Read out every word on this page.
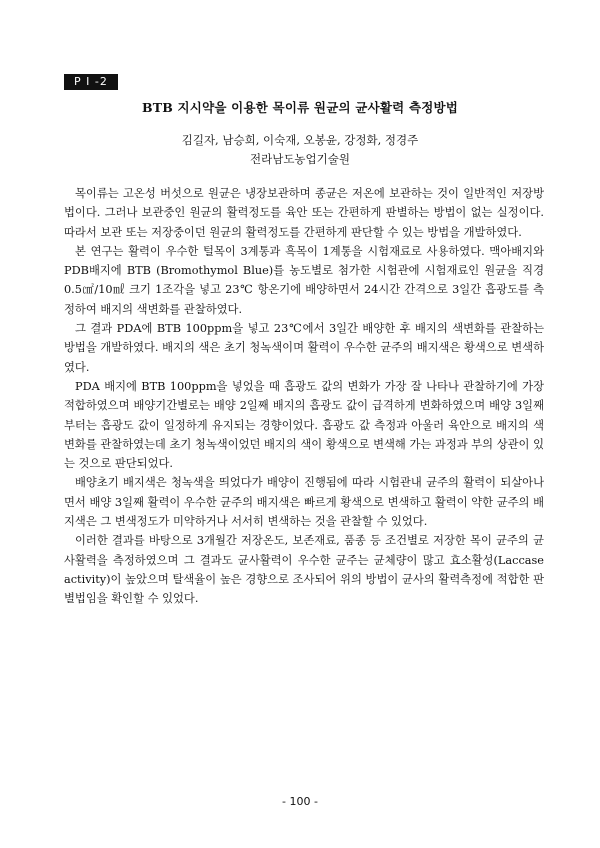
P I -2
BTB 지시약을 이용한 목이류 원균의 균사활력 측정방법
김길자, 남승희, 이숙재, 오봉윤, 강정화, 정경주
전라남도농업기술원

목이류는 고온성 버섯으로 원균은 냉장보관하며 종균은 저온에 보관하는 것이 일반적인 저장방법이다. 그러나 보관중인 원균의 활력정도를 육안 또는 간편하게 판별하는 방법이 없는 실정이다. 따라서 보관 또는 저장중이던 원균의 활력정도를 간편하게 판단할 수 있는 방법을 개발하였다.

본 연구는 활력이 우수한 털목이 3계통과 흑목이 1계통을 시험재료로 사용하였다. 맥아배지와 PDB배지에 BTB (Bromothymol Blue)를 농도별로 첨가한 시험관에 시험재료인 원균을 직경 0.5㎠/10㎖ 크기 1조각을 넣고 23℃ 항온기에 배양하면서 24시간 간격으로 3일간 흡광도를 측정하여 배지의 색변화를 관찰하였다.

그 결과 PDA에 BTB 100ppm을 넣고 23℃에서 3일간 배양한 후 배지의 색변화를 관찰하는 방법을 개발하였다. 배지의 색은 초기 청녹색이며 활력이 우수한 균주의 배지색은 황색으로 변색하였다.

PDA 배지에 BTB 100ppm을 넣었을 때 흡광도 값의 변화가 가장 잘 나타나 관찰하기에 가장 적합하였으며 배양기간별로는 배양 2일째 배지의 흡광도 값이 급격하게 변화하였으며 배양 3일째부터는 흡광도 값이 일정하게 유지되는 경향이었다. 흡광도 값 측정과 아울러 육안으로 배지의 색변화를 관찰하였는데 초기 청녹색이었던 배지의 색이 황색으로 변색해 가는 과정과 부의 상관이 있는 것으로 판단되었다.

배양초기 배지색은 청녹색을 띄었다가 배양이 진행됨에 따라 시험관내 균주의 활력이 되살아나면서 배양 3일째 활력이 우수한 균주의 배지색은 빠르게 황색으로 변색하고 활력이 약한 균주의 배지색은 그 변색정도가 미약하거나 서서히 변색하는 것을 관찰할 수 있었다.

이러한 결과를 바탕으로 3개월간 저장온도, 보존재료, 품종 등 조건별로 저장한 목이 균주의 균사활력을 측정하였으며 그 결과도 균사활력이 우수한 균주는 균체량이 많고 효소활성(Laccase activity)이 높았으며 탈색율이 높은 경향으로 조사되어 위의 방법이 균사의 활력측정에 적합한 판별법임을 확인할 수 있었다.

- 100 -
